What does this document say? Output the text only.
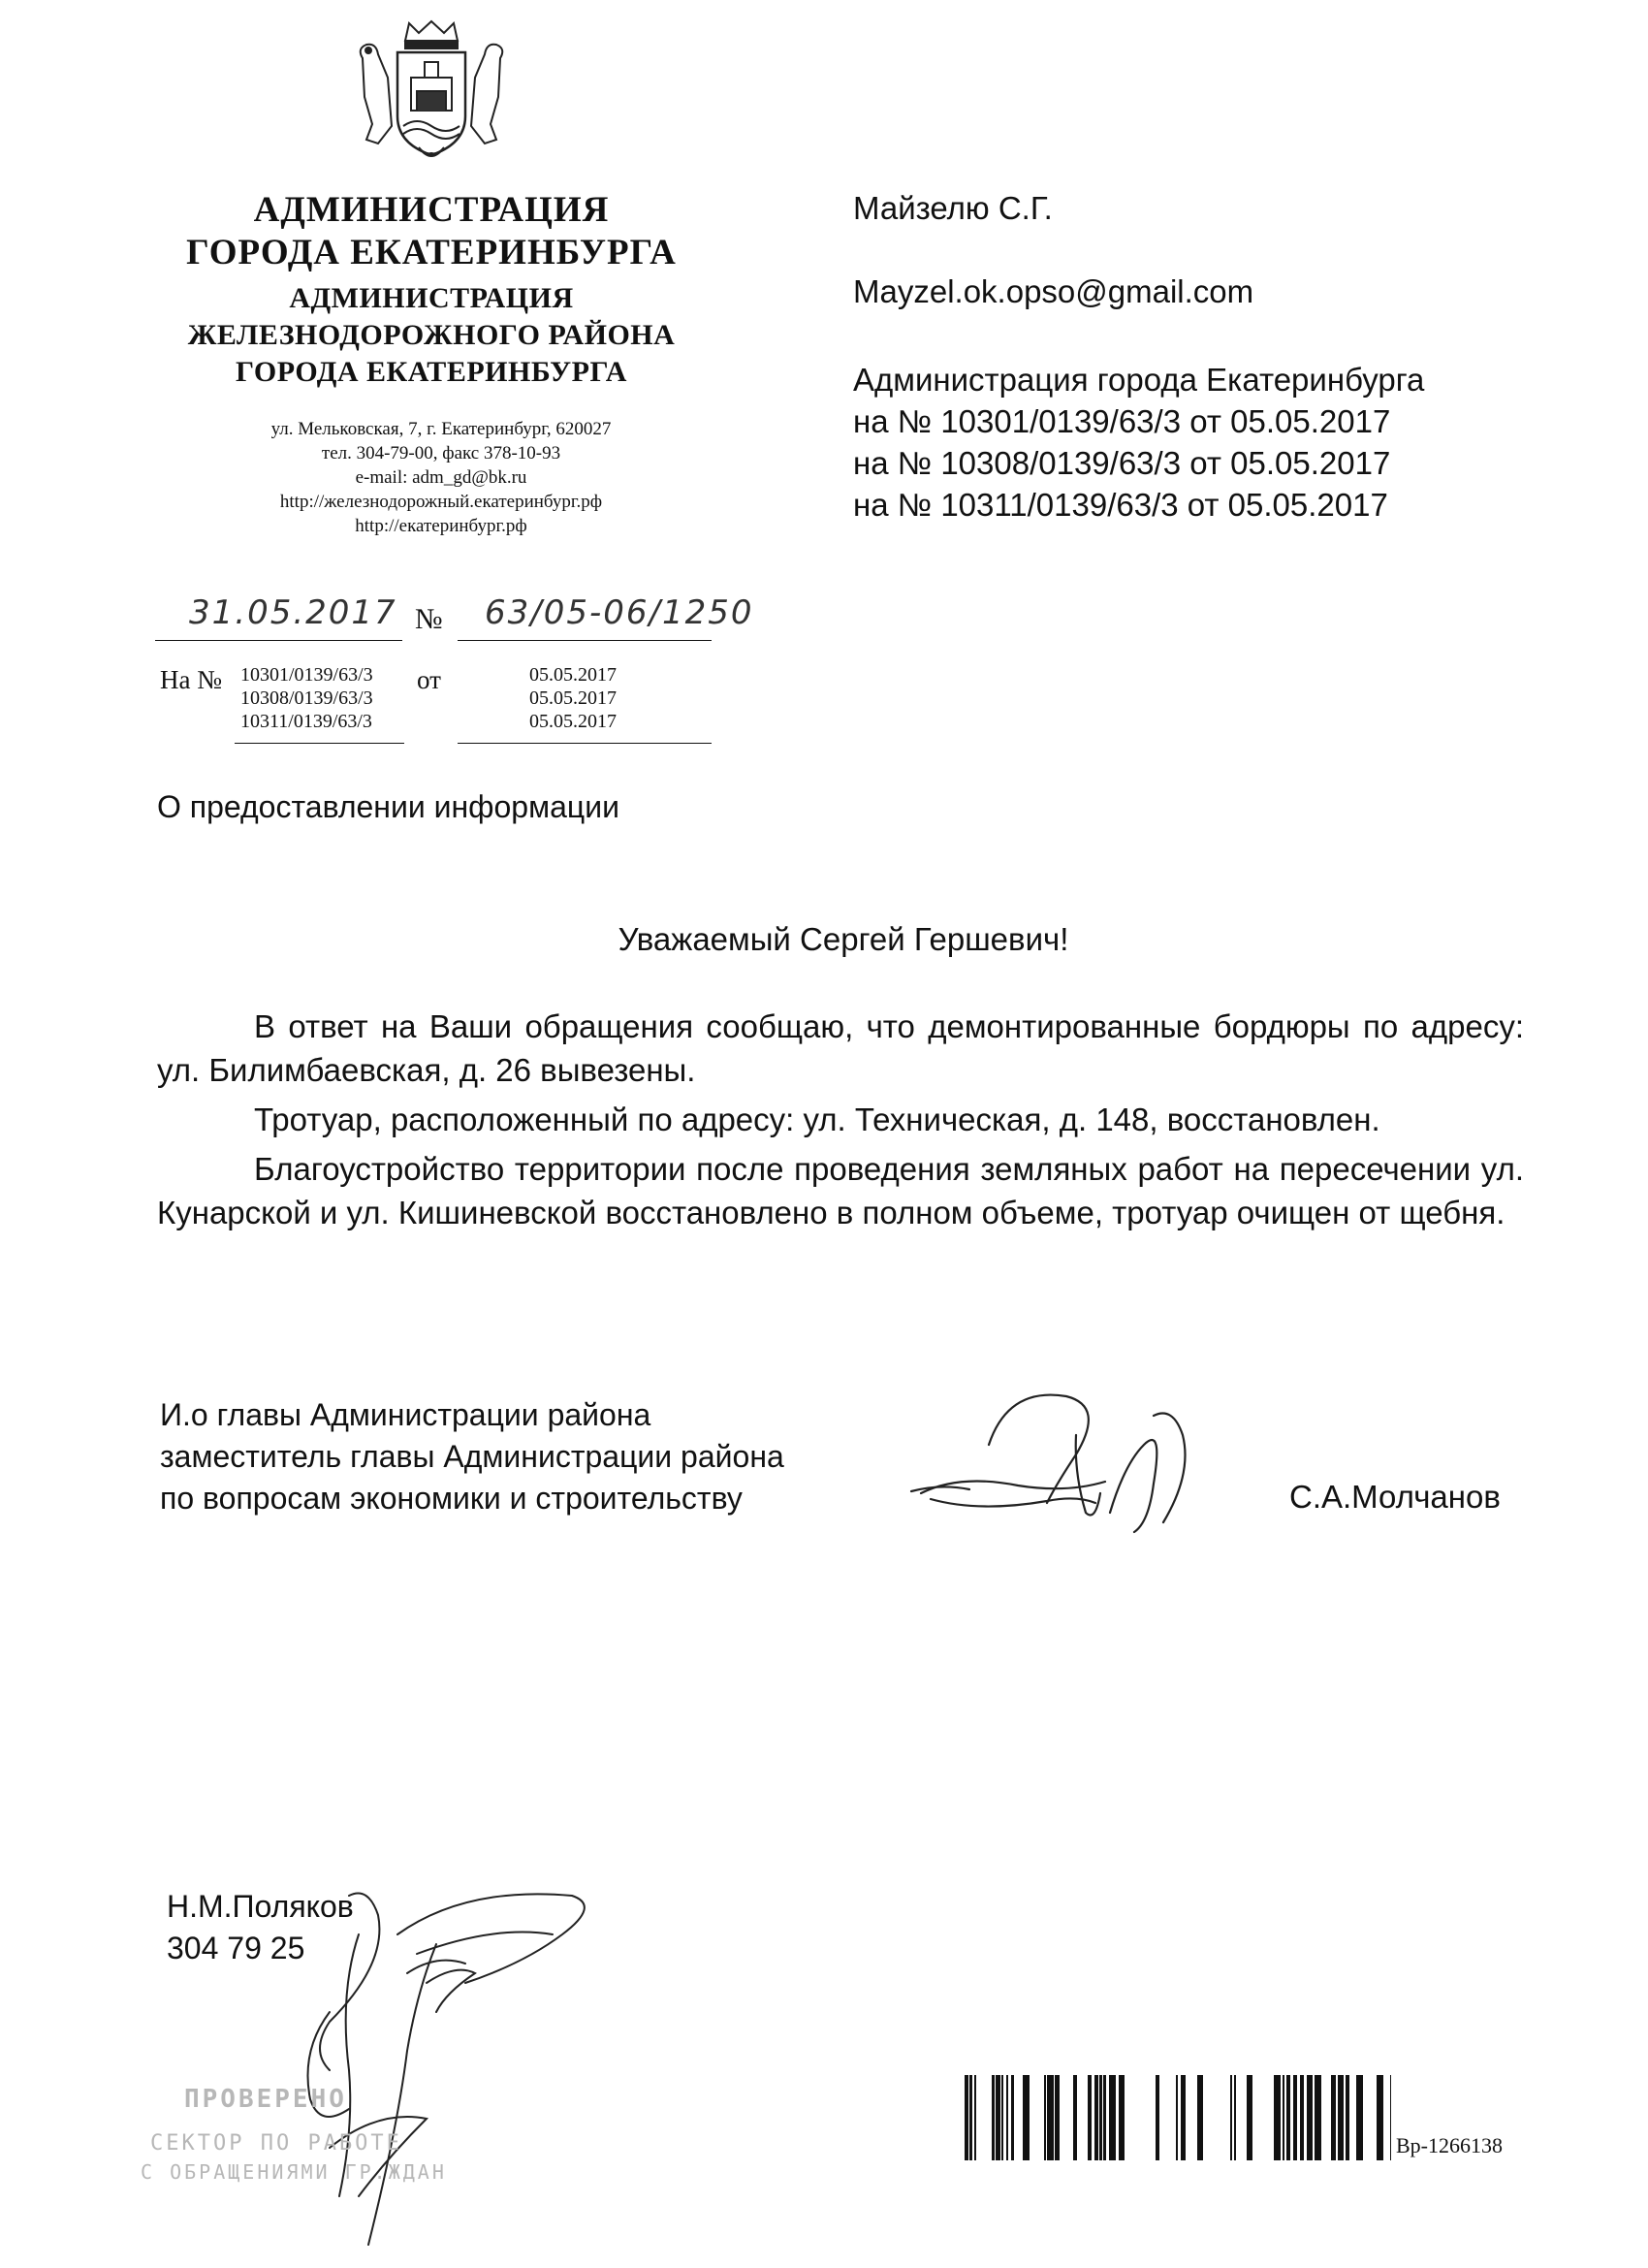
АДМИНИСТРАЦИЯ
ГОРОДА ЕКАТЕРИНБУРГА
АДМИНИСТРАЦИЯ
ЖЕЛЕЗНОДОРОЖНОГО РАЙОНА
ГОРОДА ЕКАТЕРИНБУРГА
ул. Мельковская, 7, г. Екатеринбург, 620027
тел. 304-79-00, факс 378-10-93
e-mail: adm_gd@bk.ru
http://железнодорожный.екатеринбург.рф
http://екатеринбург.рф
31.05.2017 № 63/05-06/1250
На №	от
10301/0139/63/3
10308/0139/63/3
10311/0139/63/3
05.05.2017
05.05.2017
05.05.2017
Майзелю С.Г.
Mayzel.ok.opso@gmail.com
Администрация города Екатеринбурга
на № 10301/0139/63/3 от 05.05.2017
на № 10308/0139/63/3 от 05.05.2017
на № 10311/0139/63/3 от 05.05.2017
О предоставлении информации
Уважаемый Сергей Гершевич!
В ответ на Ваши обращения сообщаю, что демонтированные бордюры по адресу: ул. Билимбаевская, д. 26 вывезены.
Тротуар, расположенный по адресу: ул. Техническая, д. 148, восстановлен.
Благоустройство территории после проведения земляных работ на пересечении ул. Кунарской и ул. Кишиневской восстановлено в полном объеме, тротуар очищен от щебня.
И.о главы Администрации района
заместитель главы Администрации района
по вопросам экономики и строительству	С.А.Молчанов
Н.М.Поляков
304 79 25
ПРОВЕРЕНО
СЕКТОР ПО РАБОТЕ
С ОБРАЩЕНИЯМИ ГР.ЖДАН
Вр-1266138
